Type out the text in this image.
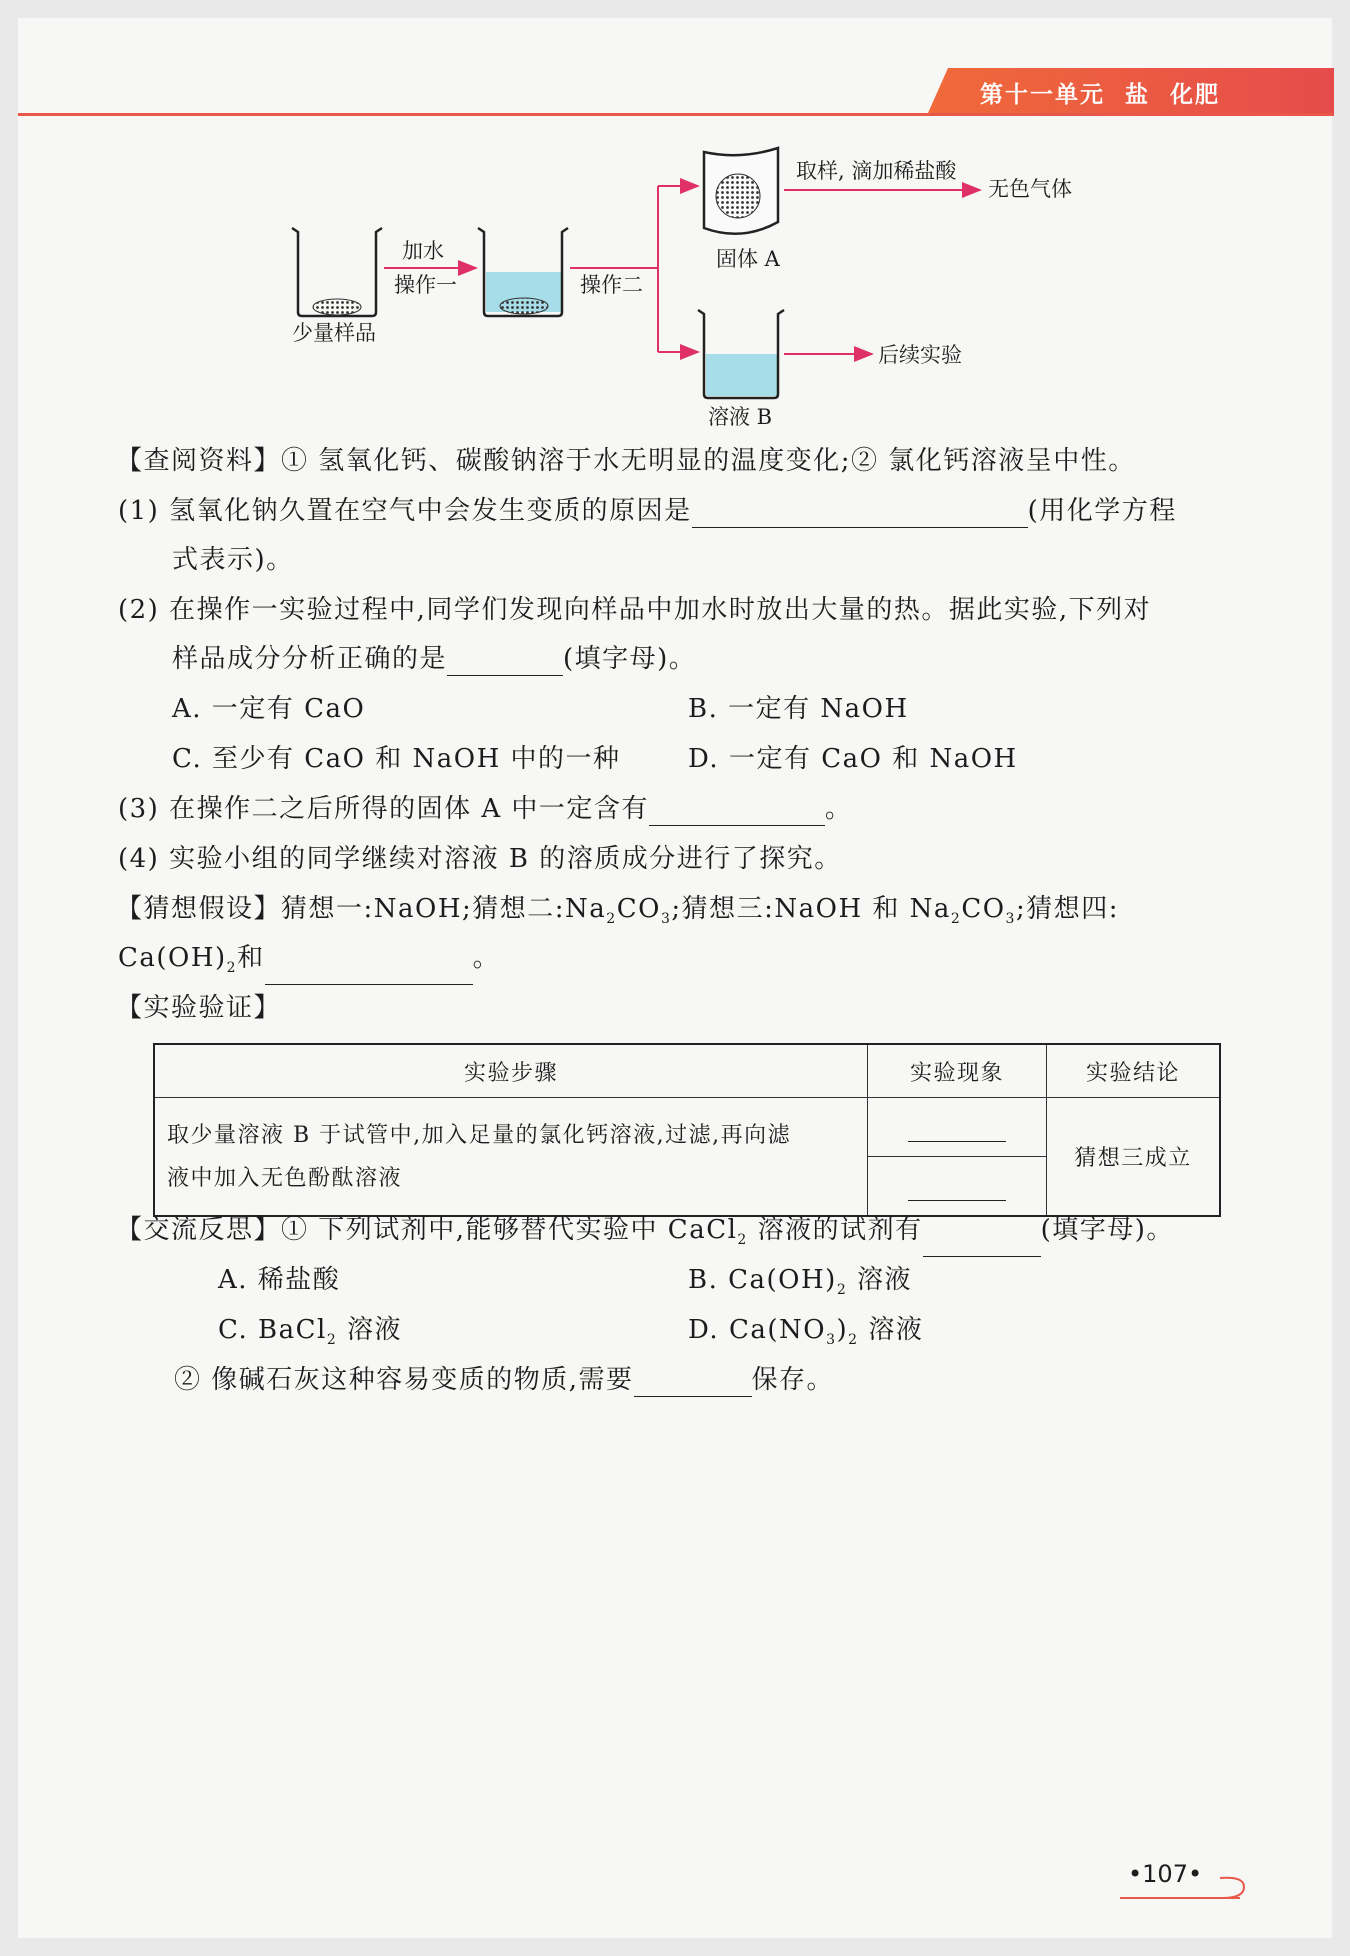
第十一单元 盐  化肥
少量样品
加水
操作一	操作二
固体 A
取样, 滴加稀盐酸
无色气体
溶液 B
后续实验
【查阅资料】① 氢氧化钙、碳酸钠溶于水无明显的温度变化;② 氯化钙溶液呈中性。
(1) 氢氧化钠久置在空气中会发生变质的原因是	(用化学方程
式表示)。
(2) 在操作一实验过程中,同学们发现向样品中加水时放出大量的热。据此实验,下列对
样品成分分析正确的是	(填字母)。
A. 一定有 CaO	B. 一定有 NaOH
C. 至少有 CaO 和 NaOH 中的一种	D. 一定有 CaO 和 NaOH
(3) 在操作二之后所得的固体 A 中一定含有	。
(4) 实验小组的同学继续对溶液 B 的溶质成分进行了探究。
【猜想假设】猜想一:NaOH;猜想二$:Na_2CO_3$;猜想三:NaOH 和 $Na_2CO_3$;猜想四:
$Ca(OH)_2$和	。
【实验验证】
实验步骤	实验现象	实验结论

取少量溶液 B 于试管中,加入足量的氯化钙溶液,过滤,再向滤
液中加入无色酚酞溶液		猜想三成立

【交流反思】① 下列试剂中,能够替代实验中 CaCl$_2$ 溶液的试剂有	(填字母)。
A. 稀盐酸	B. $Ca(OH)_2$ 溶液
C. BaCl$_2$ 溶液	D. $Ca(NO_3)_2$ 溶液
② 像碱石灰这种容易变质的物质,需要	保存。
•107•
